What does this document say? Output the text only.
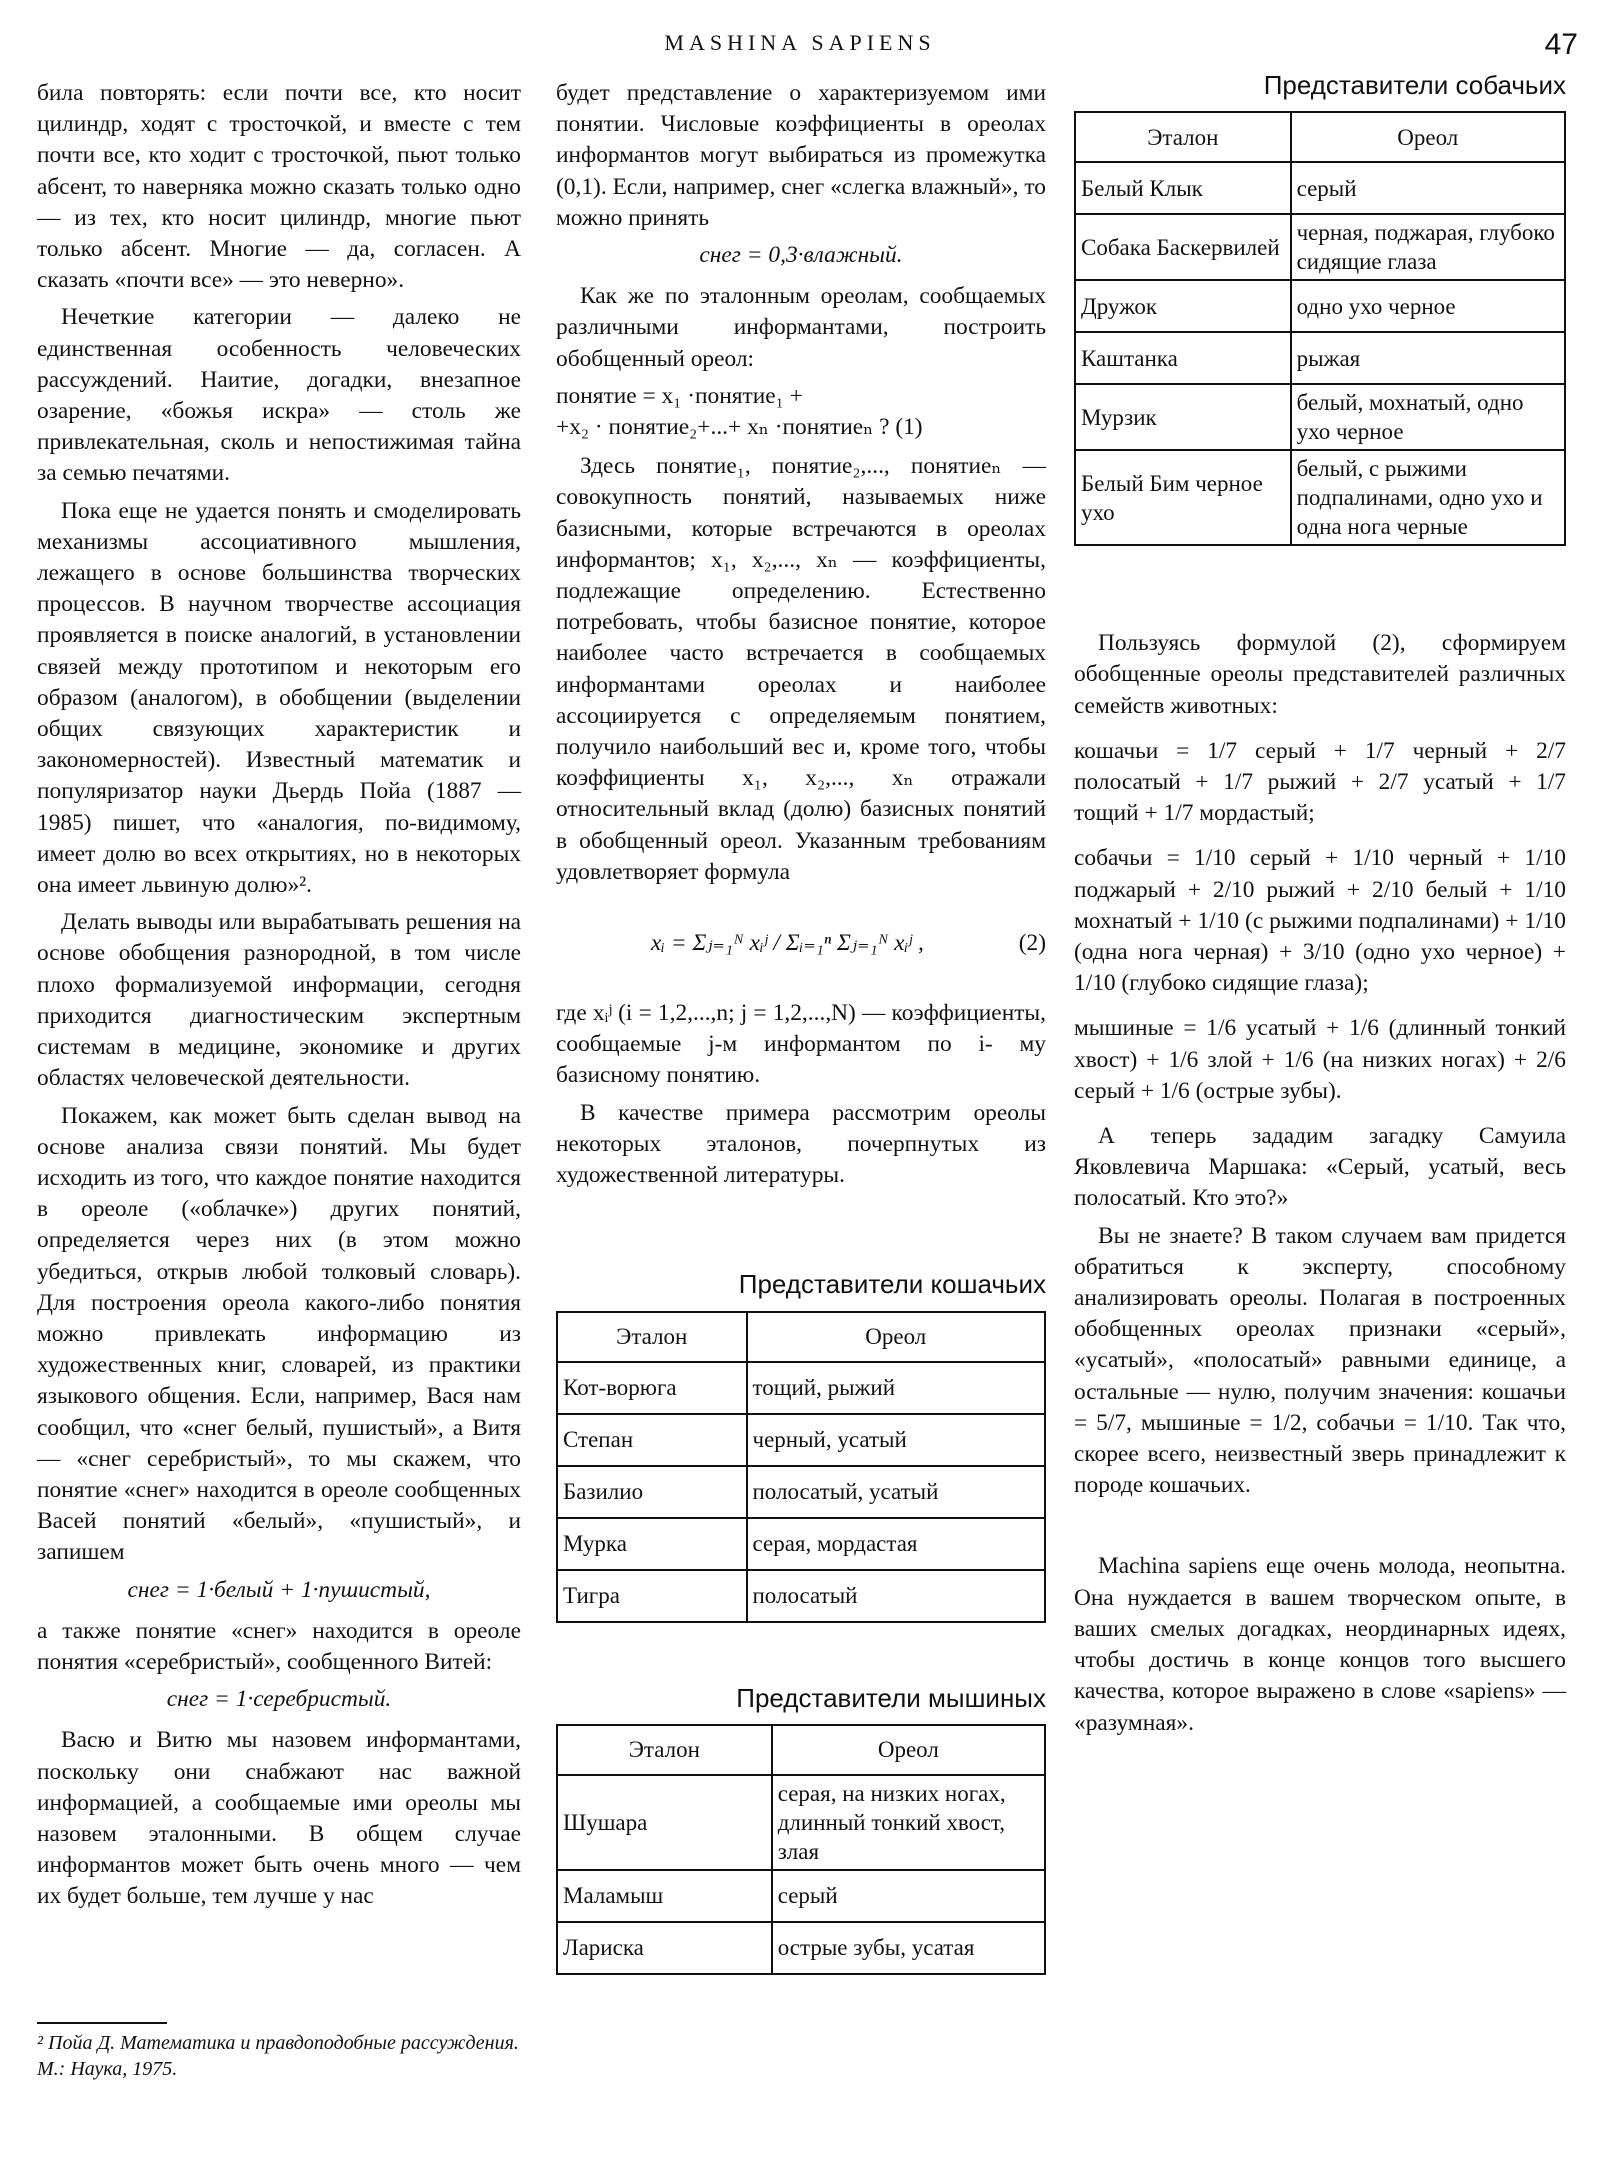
MASHINA SAPIENS	47

била повторять: если почти все, кто носит цилиндр, ходят с тросточкой, и вместе с тем почти все, кто ходит с тросточкой, пьют только абсент, то наверняка можно сказать только одно — из тех, кто носит цилиндр, многие пьют только абсент. Многие — да, согласен. А сказать «почти все» — это неверно».

Нечеткие категории — далеко не единственная особенность человеческих рассуждений. Наитие, догадки, внезапное озарение, «божья искра» — столь же привлекательная, сколь и непостижимая тайна за семью печатями.

Пока еще не удается понять и смоделировать механизмы ассоциативного мышления, лежащего в основе большинства творческих процессов. В научном творчестве ассоциация проявляется в поиске аналогий, в установлении связей между прототипом и некоторым его образом (аналогом), в обобщении (выделении общих связующих характеристик и закономерностей). Известный математик и популяризатор науки Дьердь Пойа (1887 — 1985) пишет, что «аналогия, по-видимому, имеет долю во всех открытиях, но в некоторых она имеет львиную долю»².

Делать выводы или вырабатывать решения на основе обобщения разнородной, в том числе плохо формализуемой информации, сегодня приходится диагностическим экспертным системам в медицине, экономике и других областях человеческой деятельности.

Покажем, как может быть сделан вывод на основе анализа связи понятий. Мы будет исходить из того, что каждое понятие находится в ореоле («облачке») других понятий, определяется через них (в этом можно убедиться, открыв любой толковый словарь). Для построения ореола какого-либо понятия можно привлекать информацию из художественных книг, словарей, из практики языкового общения. Если, например, Вася нам сообщил, что «снег белый, пушистый», а Витя — «снег серебристый», то мы скажем, что понятие «снег» находится в ореоле сообщенных Васей понятий «белый», «пушистый», и запишем

снег = 1·белый + 1·пушистый,

а также понятие «снег» находится в ореоле понятия «серебристый», сообщенного Витей:

снег = 1·серебристый.

Васю и Витю мы назовем информантами, поскольку они снабжают нас важной информацией, а сообщаемые ими ореолы мы назовем эталонными. В общем случае информантов может быть очень много — чем их будет больше, тем лучше у нас

² Пойа Д. Математика и правдоподобные рассуждения. М.: Наука, 1975.

будет представление о характеризуемом ими понятии. Числовые коэффициенты в ореолах информантов могут выбираться из промежутка (0,1). Если, например, снег «слегка влажный», то можно принять

снег = 0,3·влажный.

Как же по эталонным ореолам, сообщаемых различными информантами, построить обобщенный ореол:

понятие = x₁ ·понятие₁ +
+x₂ · понятие₂+...+ xₙ ·понятиеₙ ? (1)

Здесь понятие₁, понятие₂,..., понятиеₙ — совокупность понятий, называемых ниже базисными, которые встречаются в ореолах информантов; x₁, x₂,..., xₙ — коэффициенты, подлежащие определению. Естественно потребовать, чтобы базисное понятие, которое наиболее часто встречается в сообщаемых информантами ореолах и наиболее ассоциируется с определяемым понятием, получило наибольший вес и, кроме того, чтобы коэффициенты x₁, x₂,..., xₙ отражали относительный вклад (долю) базисных понятий в обобщенный ореол. Указанным требованиям удовлетворяет формула

xᵢ = Σⱼ₌₁ᴺ xᵢʲ / Σᵢ₌₁ⁿ Σⱼ₌₁ᴺ xᵢʲ ,	(2)

где xᵢʲ (i = 1,2,...,n; j = 1,2,...,N) — коэффициенты, сообщаемые j-м информантом по i- му базисному понятию.

В качестве примера рассмотрим ореолы некоторых эталонов, почерпнутых из художественной литературы.

Представители кошачьих
Эталон	Ореол
Кот-ворюга	тощий, рыжий
Степан	черный, усатый
Базилио	полосатый, усатый
Мурка	серая, мордастая
Тигра	полосатый
Представители мышиных
Эталон	Ореол
Шушара	серая, на низких ногах, длинный тонкий хвост, злая
Маламыш	серый
Лариска	острые зубы, усатая
Представители собачьих
Эталон	Ореол
Белый Клык	серый
Собака Баскервилей	черная, поджарая, глубоко сидящие глаза
Дружок	одно ухо черное
Каштанка	рыжая
Мурзик	белый, мохнатый, одно ухо черное
Белый Бим черное ухо	белый, с рыжими подпалинами, одно ухо и одна нога черные

Пользуясь формулой (2), сформируем обобщенные ореолы представителей различных семейств животных:

кошачьи = 1/7 серый + 1/7 черный + 2/7 полосатый + 1/7 рыжий + 2/7 усатый + 1/7 тощий + 1/7 мордастый;

собачьи = 1/10 серый + 1/10 черный + 1/10 поджарый + 2/10 рыжий + 2/10 белый + 1/10 мохнатый + 1/10 (с рыжими подпалинами) + 1/10 (одна нога черная) + 3/10 (одно ухо черное) + 1/10 (глубоко сидящие глаза);

мышиные = 1/6 усатый + 1/6 (длинный тонкий хвост) + 1/6 злой + 1/6 (на низких ногах) + 2/6 серый + 1/6 (острые зубы).

А теперь зададим загадку Самуила Яковлевича Маршака: «Серый, усатый, весь полосатый. Кто это?»

Вы не знаете? В таком случаем вам придется обратиться к эксперту, способному анализировать ореолы. Полагая в построенных обобщенных ореолах признаки «серый», «усатый», «полосатый» равными единице, а остальные — нулю, получим значения: кошачьи = 5/7, мышиные = 1/2, собачьи = 1/10. Так что, скорее всего, неизвестный зверь принадлежит к породе кошачьих.

Machina sapiens еще очень молода, неопытна. Она нуждается в вашем творческом опыте, в ваших смелых догадках, неординарных идеях, чтобы достичь в конце концов того высшего качества, которое выражено в слове «sapiens» — «разумная».
